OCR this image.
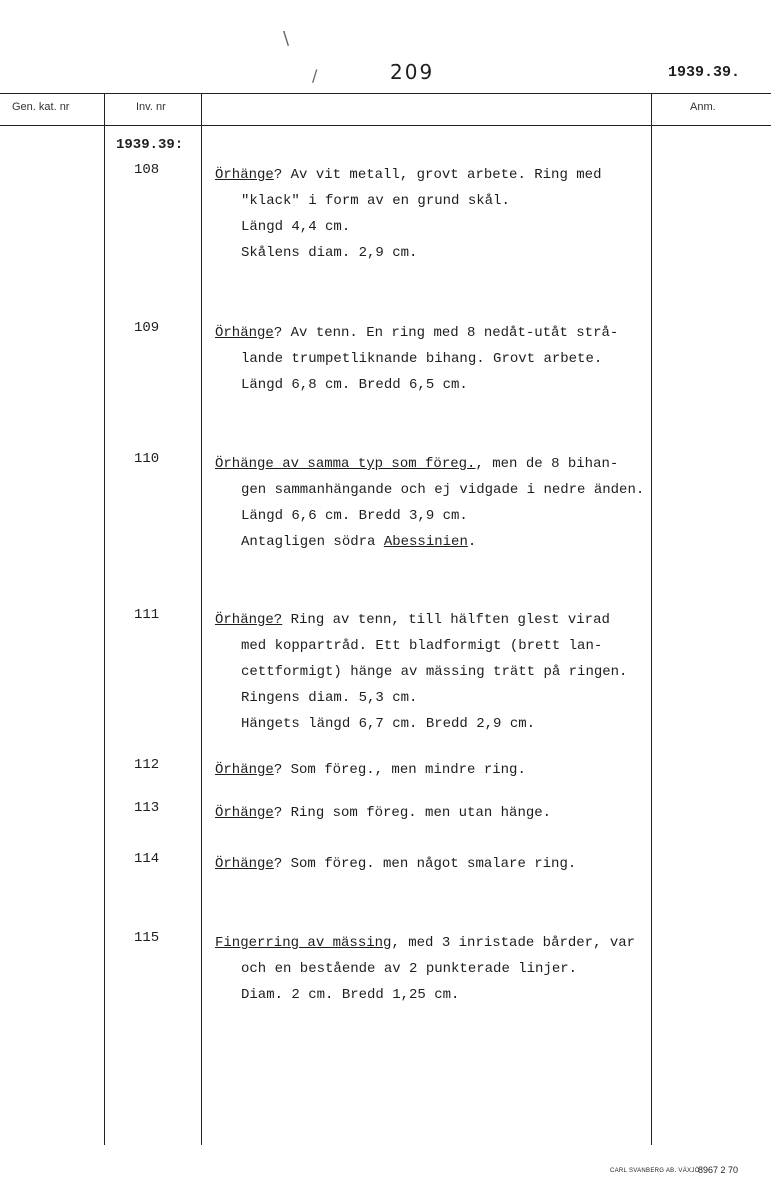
\
/	209	1939.39.
Gen. kat. nr	Inv. nr	Anm.
1939.39:
108	Örhänge? Av vit metall, grovt arbete. Ring med
"klack" i form av en grund skål.
Längd 4,4 cm.
Skålens diam. 2,9 cm.
109	Örhänge? Av tenn. En ring med 8 nedåt-utåt strå-
lande trumpetliknande bihang. Grovt arbete.
Längd 6,8 cm. Bredd 6,5 cm.
110	Örhänge av samma typ som föreg., men de 8 bihan-
gen sammanhängande och ej vidgade i nedre änden.
Längd 6,6 cm. Bredd 3,9 cm.
Antagligen södra Abessinien.
111	Örhänge? Ring av tenn, till hälften glest virad
med koppartråd. Ett bladformigt (brett lan-
cettformigt) hänge av mässing trätt på ringen.
Ringens diam. 5,3 cm.
Hängets längd 6,7 cm. Bredd 2,9 cm.
112	Örhänge? Som föreg., men mindre ring.
113	Örhänge? Ring som föreg. men utan hänge.
114	Örhänge? Som föreg. men något smalare ring.
115	Fingerring av mässing, med 3 inristade bårder, var
och en bestående av 2 punkterade linjer.
Diam. 2 cm. Bredd 1,25 cm.
CARL SVANBERG AB. VÄXJÖ
8967 2 70
